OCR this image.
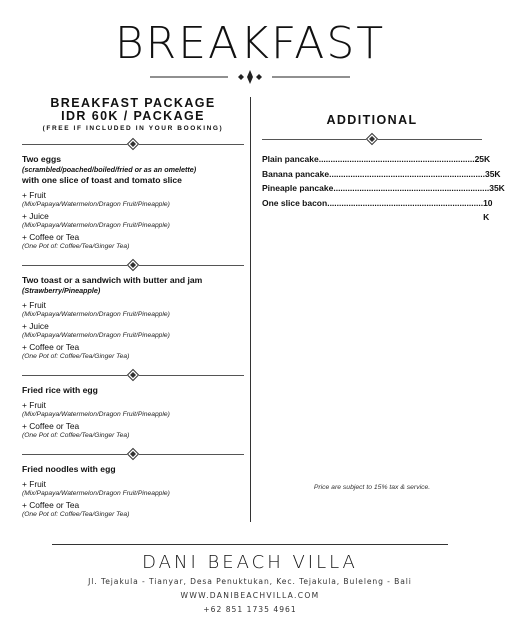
BREAKFAST
BREAKFAST PACKAGE
IDR 60K / PACKAGE
(FREE IF INCLUDED IN YOUR BOOKING)
Two eggs
(scrambled/poached/boiled/fried or as an omelette)
with one slice of toast and tomato slice
+ Fruit
(Mix/Papaya/Watermelon/Dragon Fruit/Pineapple)
+ Juice
(Mix/Papaya/Watermelon/Dragon Fruit/Pineapple)
+ Coffee or Tea
(One Pot of: Coffee/Tea/Ginger Tea)
Two toast or a sandwich with butter and jam
(Strawberry/Pineapple)
+ Fruit
(Mix/Papaya/Watermelon/Dragon Fruit/Pineapple)
+ Juice
(Mix/Papaya/Watermelon/Dragon Fruit/Pineapple)
+ Coffee or Tea
(One Pot of: Coffee/Tea/Ginger Tea)
Fried rice with egg
+ Fruit
(Mix/Papaya/Watermelon/Dragon Fruit/Pineapple)
+ Coffee or Tea
(One Pot of: Coffee/Tea/Ginger Tea)
Fried noodles with egg
+ Fruit
(Mix/Papaya/Watermelon/Dragon Fruit/Pineapple)
+ Coffee or Tea
(One Pot of: Coffee/Tea/Ginger Tea)
ADDITIONAL
Plain pancake.................................................................. 25K
Banana pancake.................................................................. 35K
Pineaple pancake.................................................................. 35K
One slice bacon.................................................................. 10 K
Price are subject to 15% tax & service.
DANI BEACH VILLA
Jl. Tejakula - Tianyar, Desa Penuktukan, Kec. Tejakula, Buleleng - Bali
WWW.DANIBEACHVILLA.COM
+62 851 1735 4961
